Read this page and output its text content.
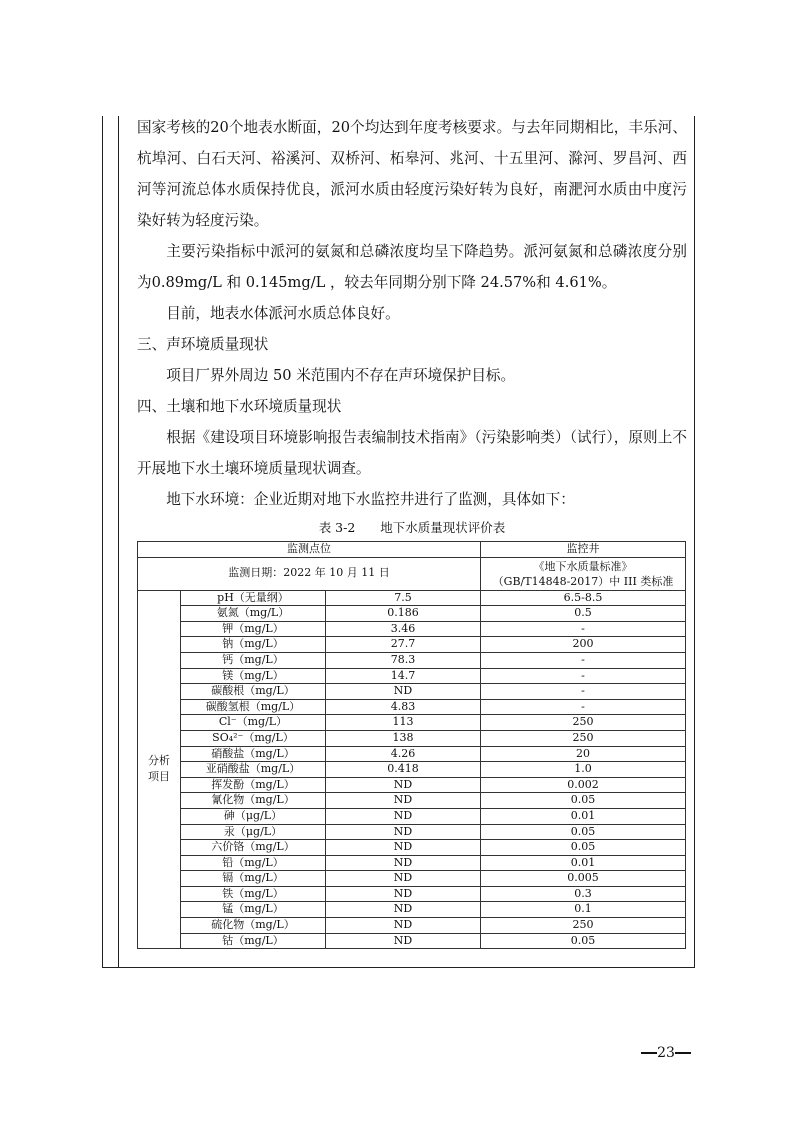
国家考核的20个地表水断面，20个均达到年度考核要求。与去年同期相比，丰乐河、杭埠河、白石天河、裕溪河、双桥河、柘皋河、兆河、十五里河、滁河、罗昌河、西河等河流总体水质保持优良，派河水质由轻度污染好转为良好，南淝河水质由中度污染好转为轻度污染。

主要污染指标中派河的氨氮和总磷浓度均呈下降趋势。派河氨氮和总磷浓度分别为0.89mg/L 和 0.145mg/L ，较去年同期分别下降 24.57%和 4.61%。

目前，地表水体派河水质总体良好。

三、声环境质量现状

项目厂界外周边 50 米范围内不存在声环境保护目标。

四、土壤和地下水环境质量现状

根据《建设项目环境影响报告表编制技术指南》（污染影响类）（试行），原则上不开展地下水土壤环境质量现状调查。

地下水环境：企业近期对地下水监控井进行了监测，具体如下：

表 3-2　　地下水质量现状评价表
监测点位			监控井
监测日期：2022 年 10 月 11 日			《地下水质量标准》
（GB/T14848-2017）中 III 类标准

分析项目	pH（无量纲）	7.5	6.5-8.5
	氨氮（mg/L）	0.186	0.5
	钾（mg/L）	3.46	-
	钠（mg/L）	27.7	200
	钙（mg/L）	78.3	-
	镁（mg/L）	14.7	-
	碳酸根（mg/L）	ND	-
	碳酸氢根（mg/L）	4.83	-
	Cl⁻（mg/L）	113	250
	SO₄²⁻（mg/L）	138	250
	硝酸盐（mg/L）	4.26	20
	亚硝酸盐（mg/L）	0.418	1.0
	挥发酚（mg/L）	ND	0.002
	氰化物（mg/L）	ND	0.05
	砷（μg/L）	ND	0.01
	汞（μg/L）	ND	0.05
	六价铬（mg/L）	ND	0.05
	铅（mg/L）	ND	0.01
	镉（mg/L）	ND	0.005
	铁（mg/L）	ND	0.3
	锰（mg/L）	ND	0.1
	硫化物（mg/L）	ND	250
	钴（mg/L）	ND	0.05
23
